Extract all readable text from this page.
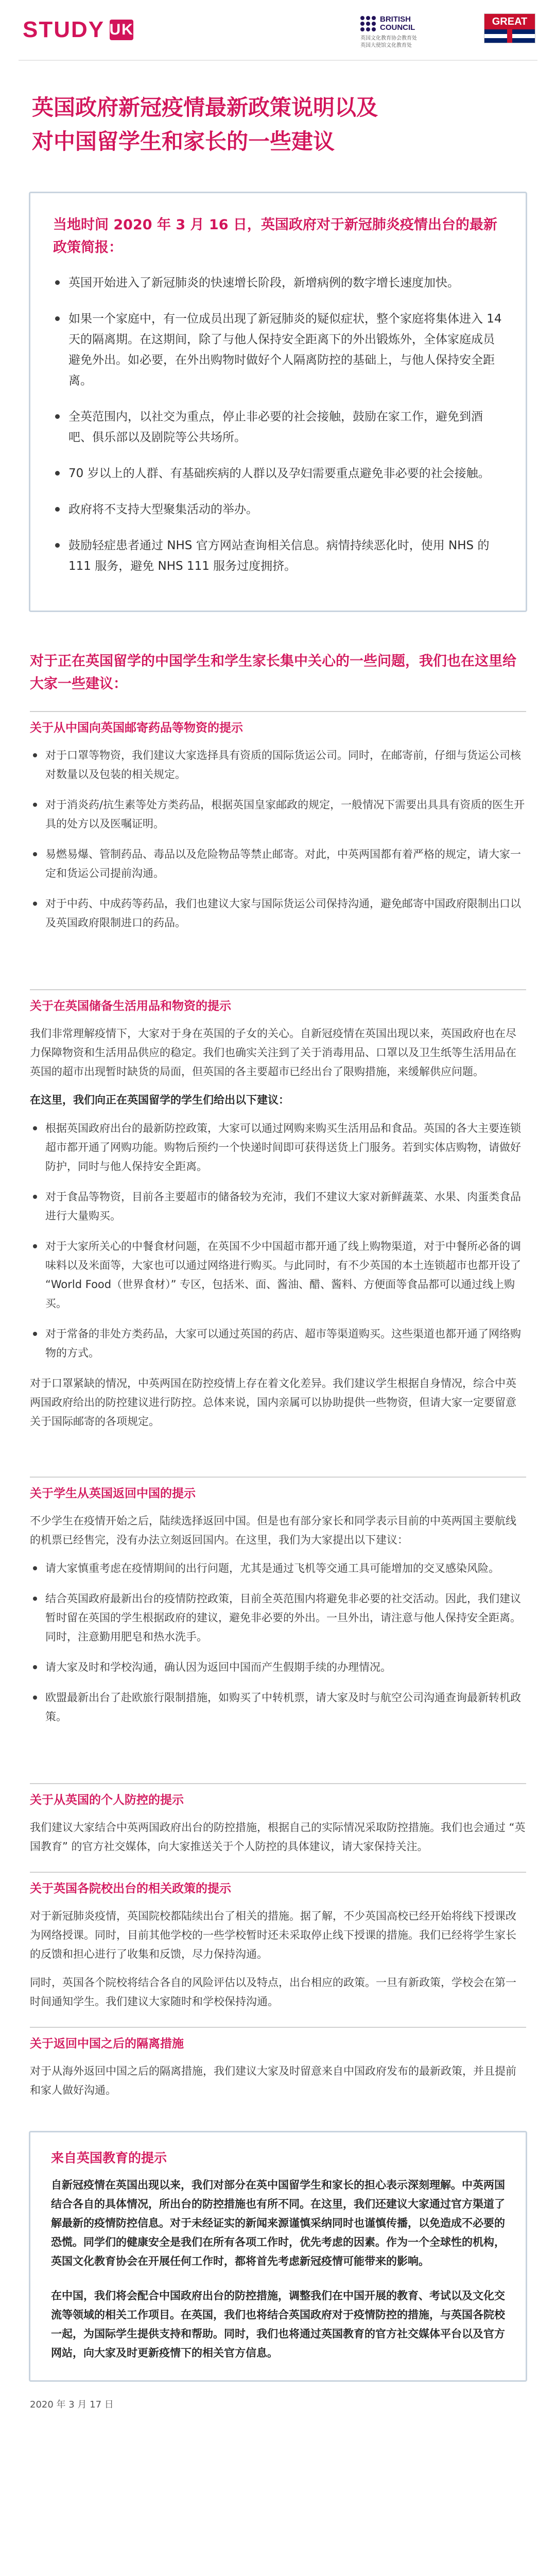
STUDY UK
BRITISH
COUNCIL
英国文化教育协会教育处
英国大使馆文化教育处
GREAT
英国政府新冠疫情最新政策说明以及
对中国留学生和家长的一些建议
当地时间 2020 年 3 月 16 日，英国政府对于新冠肺炎疫情出台的最新政策简报：
英国开始进入了新冠肺炎的快速增长阶段，新增病例的数字增长速度加快。
如果一个家庭中，有一位成员出现了新冠肺炎的疑似症状，整个家庭将集体进入 14 天的隔离期。在这期间，除了与他人保持安全距离下的外出锻炼外，全体家庭成员避免外出。如必要，在外出购物时做好个人隔离防控的基础上，与他人保持安全距离。
全英范围内，以社交为重点，停止非必要的社会接触，鼓励在家工作，避免到酒吧、俱乐部以及剧院等公共场所。
70 岁以上的人群、有基础疾病的人群以及孕妇需要重点避免非必要的社会接触。
政府将不支持大型聚集活动的举办。
鼓励轻症患者通过 NHS 官方网站查询相关信息。病情持续恶化时，使用 NHS 的 111 服务，避免 NHS 111 服务过度拥挤。
对于正在英国留学的中国学生和学生家长集中关心的一些问题，我们也在这里给大家一些建议：
关于从中国向英国邮寄药品等物资的提示
对于口罩等物资，我们建议大家选择具有资质的国际货运公司。同时，在邮寄前，仔细与货运公司核对数量以及包装的相关规定。
对于消炎药/抗生素等处方类药品，根据英国皇家邮政的规定，一般情况下需要出具具有资质的医生开具的处方以及医嘱证明。
易燃易爆、管制药品、毒品以及危险物品等禁止邮寄。对此，中英两国都有着严格的规定，请大家一定和货运公司提前沟通。
对于中药、中成药等药品，我们也建议大家与国际货运公司保持沟通，避免邮寄中国政府限制出口以及英国政府限制进口的药品。
关于在英国储备生活用品和物资的提示

我们非常理解疫情下，大家对于身在英国的子女的关心。自新冠疫情在英国出现以来，英国政府也在尽力保障物资和生活用品供应的稳定。我们也确实关注到了关于消毒用品、口罩以及卫生纸等生活用品在英国的超市出现暂时缺货的局面，但英国的各主要超市已经出台了限购措施，来缓解供应问题。

在这里，我们向正在英国留学的学生们给出以下建议：

根据英国政府出台的最新防控政策，大家可以通过网购来购买生活用品和食品。英国的各大主要连锁超市都开通了网购功能。购物后预约一个快递时间即可获得送货上门服务。若到实体店购物，请做好防护，同时与他人保持安全距离。
对于食品等物资，目前各主要超市的储备较为充沛，我们不建议大家对新鲜蔬菜、水果、肉蛋类食品进行大量购买。
对于大家所关心的中餐食材问题，在英国不少中国超市都开通了线上购物渠道，对于中餐所必备的调味料以及米面等，大家也可以通过网络进行购买。与此同时，有不少英国的本土连锁超市也都开设了 “World Food（世界食材）” 专区，包括米、面、酱油、醋、酱料、方便面等食品都可以通过线上购买。
对于常备的非处方类药品，大家可以通过英国的药店、超市等渠道购买。这些渠道也都开通了网络购物的方式。

对于口罩紧缺的情况，中英两国在防控疫情上存在着文化差异。我们建议学生根据自身情况，综合中英两国政府给出的防控建议进行防控。总体来说，国内亲属可以协助提供一些物资，但请大家一定要留意关于国际邮寄的各项规定。

关于学生从英国返回中国的提示

不少学生在疫情开始之后，陆续选择返回中国。但是也有部分家长和同学表示目前的中英两国主要航线的机票已经售完，没有办法立刻返回国内。在这里，我们为大家提出以下建议：

请大家慎重考虑在疫情期间的出行问题，尤其是通过飞机等交通工具可能增加的交叉感染风险。
结合英国政府最新出台的疫情防控政策，目前全英范围内将避免非必要的社交活动。因此，我们建议暂时留在英国的学生根据政府的建议，避免非必要的外出。一旦外出，请注意与他人保持安全距离。同时，注意勤用肥皂和热水洗手。
请大家及时和学校沟通，确认因为返回中国而产生假期手续的办理情况。
欧盟最新出台了赴欧旅行限制措施，如购买了中转机票，请大家及时与航空公司沟通查询最新转机政策。
关于从英国的个人防控的提示

我们建议大家结合中英两国政府出台的防控措施，根据自己的实际情况采取防控措施。我们也会通过 “英国教育” 的官方社交媒体，向大家推送关于个人防控的具体建议，请大家保持关注。

关于英国各院校出台的相关政策的提示

对于新冠肺炎疫情，英国院校都陆续出台了相关的措施。据了解，不少英国高校已经开始将线下授课改为网络授课。同时，目前其他学校的一些学校暂时还未采取停止线下授课的措施。我们已经将学生家长的反馈和担心进行了收集和反馈，尽力保持沟通。

同时，英国各个院校将结合各自的风险评估以及特点，出台相应的政策。一旦有新政策，学校会在第一时间通知学生。我们建议大家随时和学校保持沟通。

关于返回中国之后的隔离措施

对于从海外返回中国之后的隔离措施，我们建议大家及时留意来自中国政府发布的最新政策，并且提前和家人做好沟通。

来自英国教育的提示

自新冠疫情在英国出现以来，我们对部分在英中国留学生和家长的担心表示深刻理解。中英两国结合各自的具体情况，所出台的防控措施也有所不同。在这里，我们还建议大家通过官方渠道了解最新的疫情防控信息。对于未经证实的新闻来源谨慎采纳同时也谨慎传播，以免造成不必要的恐慌。同学们的健康安全是我们在所有各项工作时，优先考虑的因素。作为一个全球性的机构，英国文化教育协会在开展任何工作时，都将首先考虑新冠疫情可能带来的影响。

在中国，我们将会配合中国政府出台的防控措施，调整我们在中国开展的教育、考试以及文化交流等领域的相关工作项目。在英国，我们也将结合英国政府对于疫情防控的措施，与英国各院校一起，为国际学生提供支持和帮助。同时，我们也将通过英国教育的官方社交媒体平台以及官方网站，向大家及时更新疫情下的相关官方信息。

2020 年 3 月 17 日
